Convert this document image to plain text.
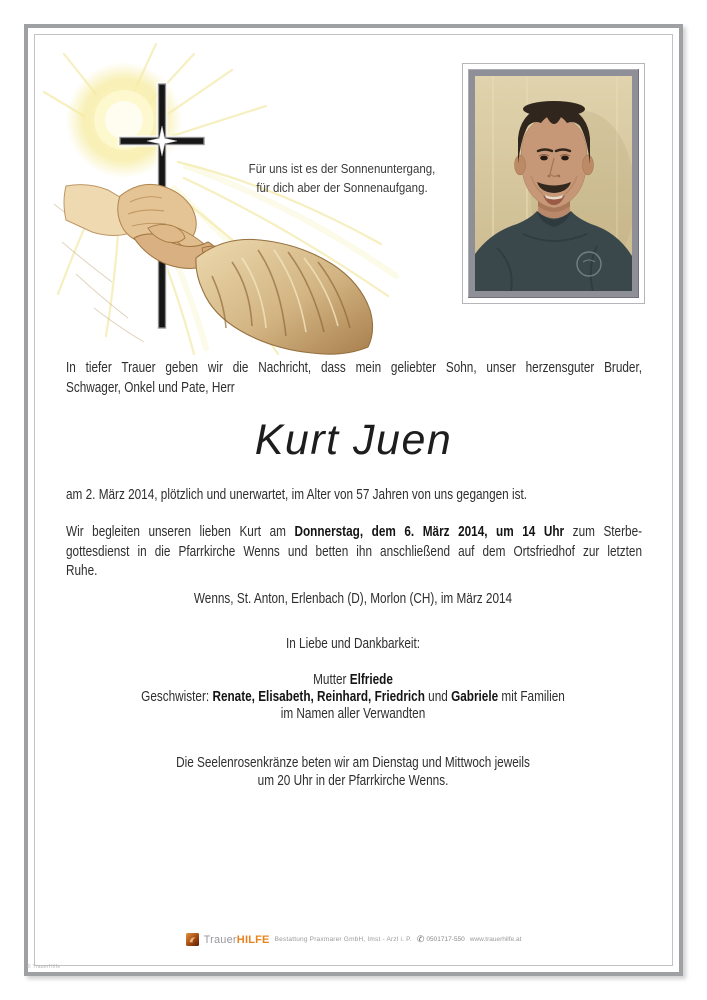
Für uns ist es der Sonnenuntergang,
für dich aber der Sonnenaufgang.
In tiefer Trauer geben wir die Nachricht, dass mein geliebter Sohn, unser herzensguter Bruder,
Schwager, Onkel und Pate, Herr
Kurt Juen
am 2. März 2014, plötzlich und unerwartet, im Alter von 57 Jahren von uns gegangen ist.
Wir begleiten unseren lieben Kurt am Donnerstag, dem 6. März 2014, um 14 Uhr zum Sterbe-
gottesdienst in die Pfarrkirche Wenns und betten ihn anschließend auf dem Ortsfriedhof zur letzten
Ruhe.
Wenns, St. Anton, Erlenbach (D), Morlon (CH), im März 2014
In Liebe und Dankbarkeit:
Mutter Elfriede
Geschwister: Renate, Elisabeth, Reinhard, Friedrich und Gabriele mit Familien
im Namen aller Verwandten
Die Seelenrosenkränze beten wir am Dienstag und Mittwoch jeweils
um 20 Uhr in der Pfarrkirche Wenns.
TrauerHILFE Bestattung Praxmarer GmbH, Imst - Arzl i. P. ✆ 0501717-550 www.trauerhilfe.at
© TrauerHilfe
